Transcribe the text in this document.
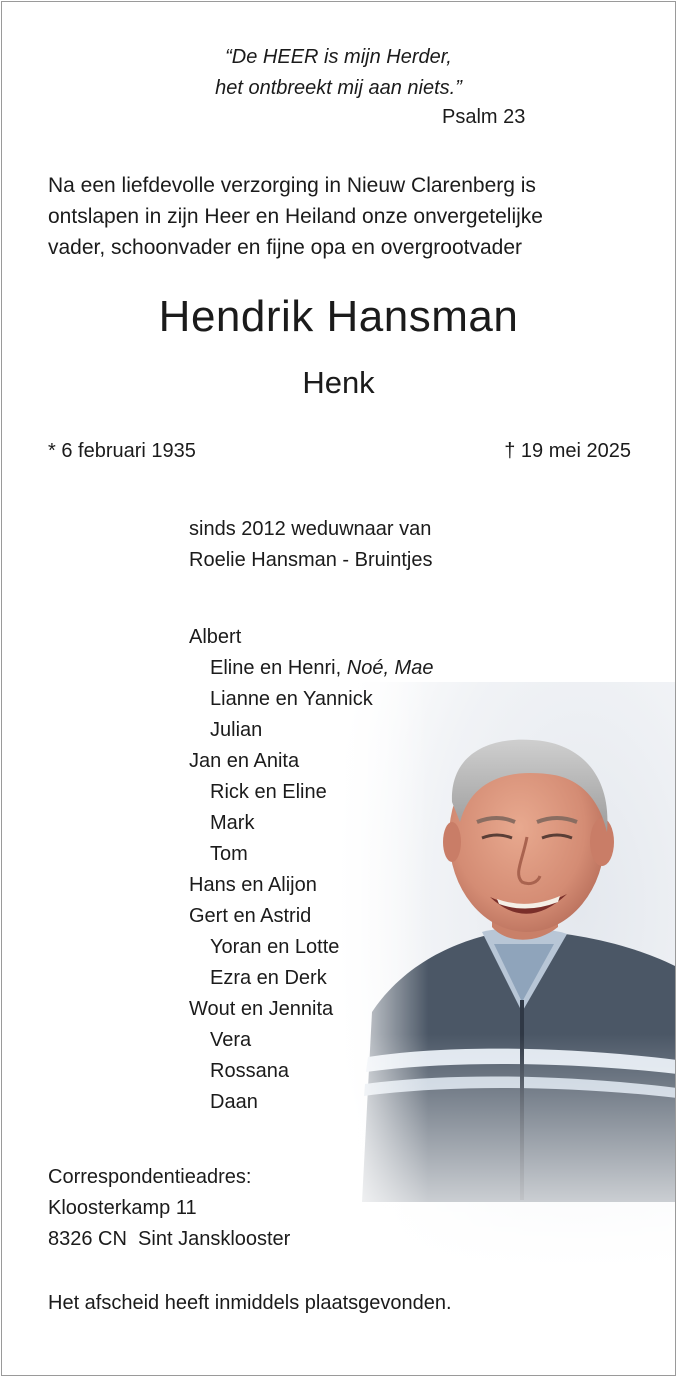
“De HEER is mijn Herder,
het ontbreekt mij aan niets.”
Psalm 23
Na een liefdevolle verzorging in Nieuw Clarenberg is
ontslapen in zijn Heer en Heiland onze onvergetelijke
vader, schoonvader en fijne opa en overgrootvader
Hendrik Hansman
Henk
* 6 februari 1935	† 19 mei 2025
sinds 2012 weduwnaar van
Roelie Hansman - Bruintjes
Albert
Eline en Henri, Noé, Mae
Lianne en Yannick
Julian
Jan en Anita
Rick en Eline
Mark
Tom
Hans en Alijon
Gert en Astrid
Yoran en Lotte
Ezra en Derk
Wout en Jennita
Vera
Rossana
Daan
Correspondentieadres:
Kloosterkamp 11
8326 CN  Sint Jansklooster
Het afscheid heeft inmiddels plaatsgevonden.
